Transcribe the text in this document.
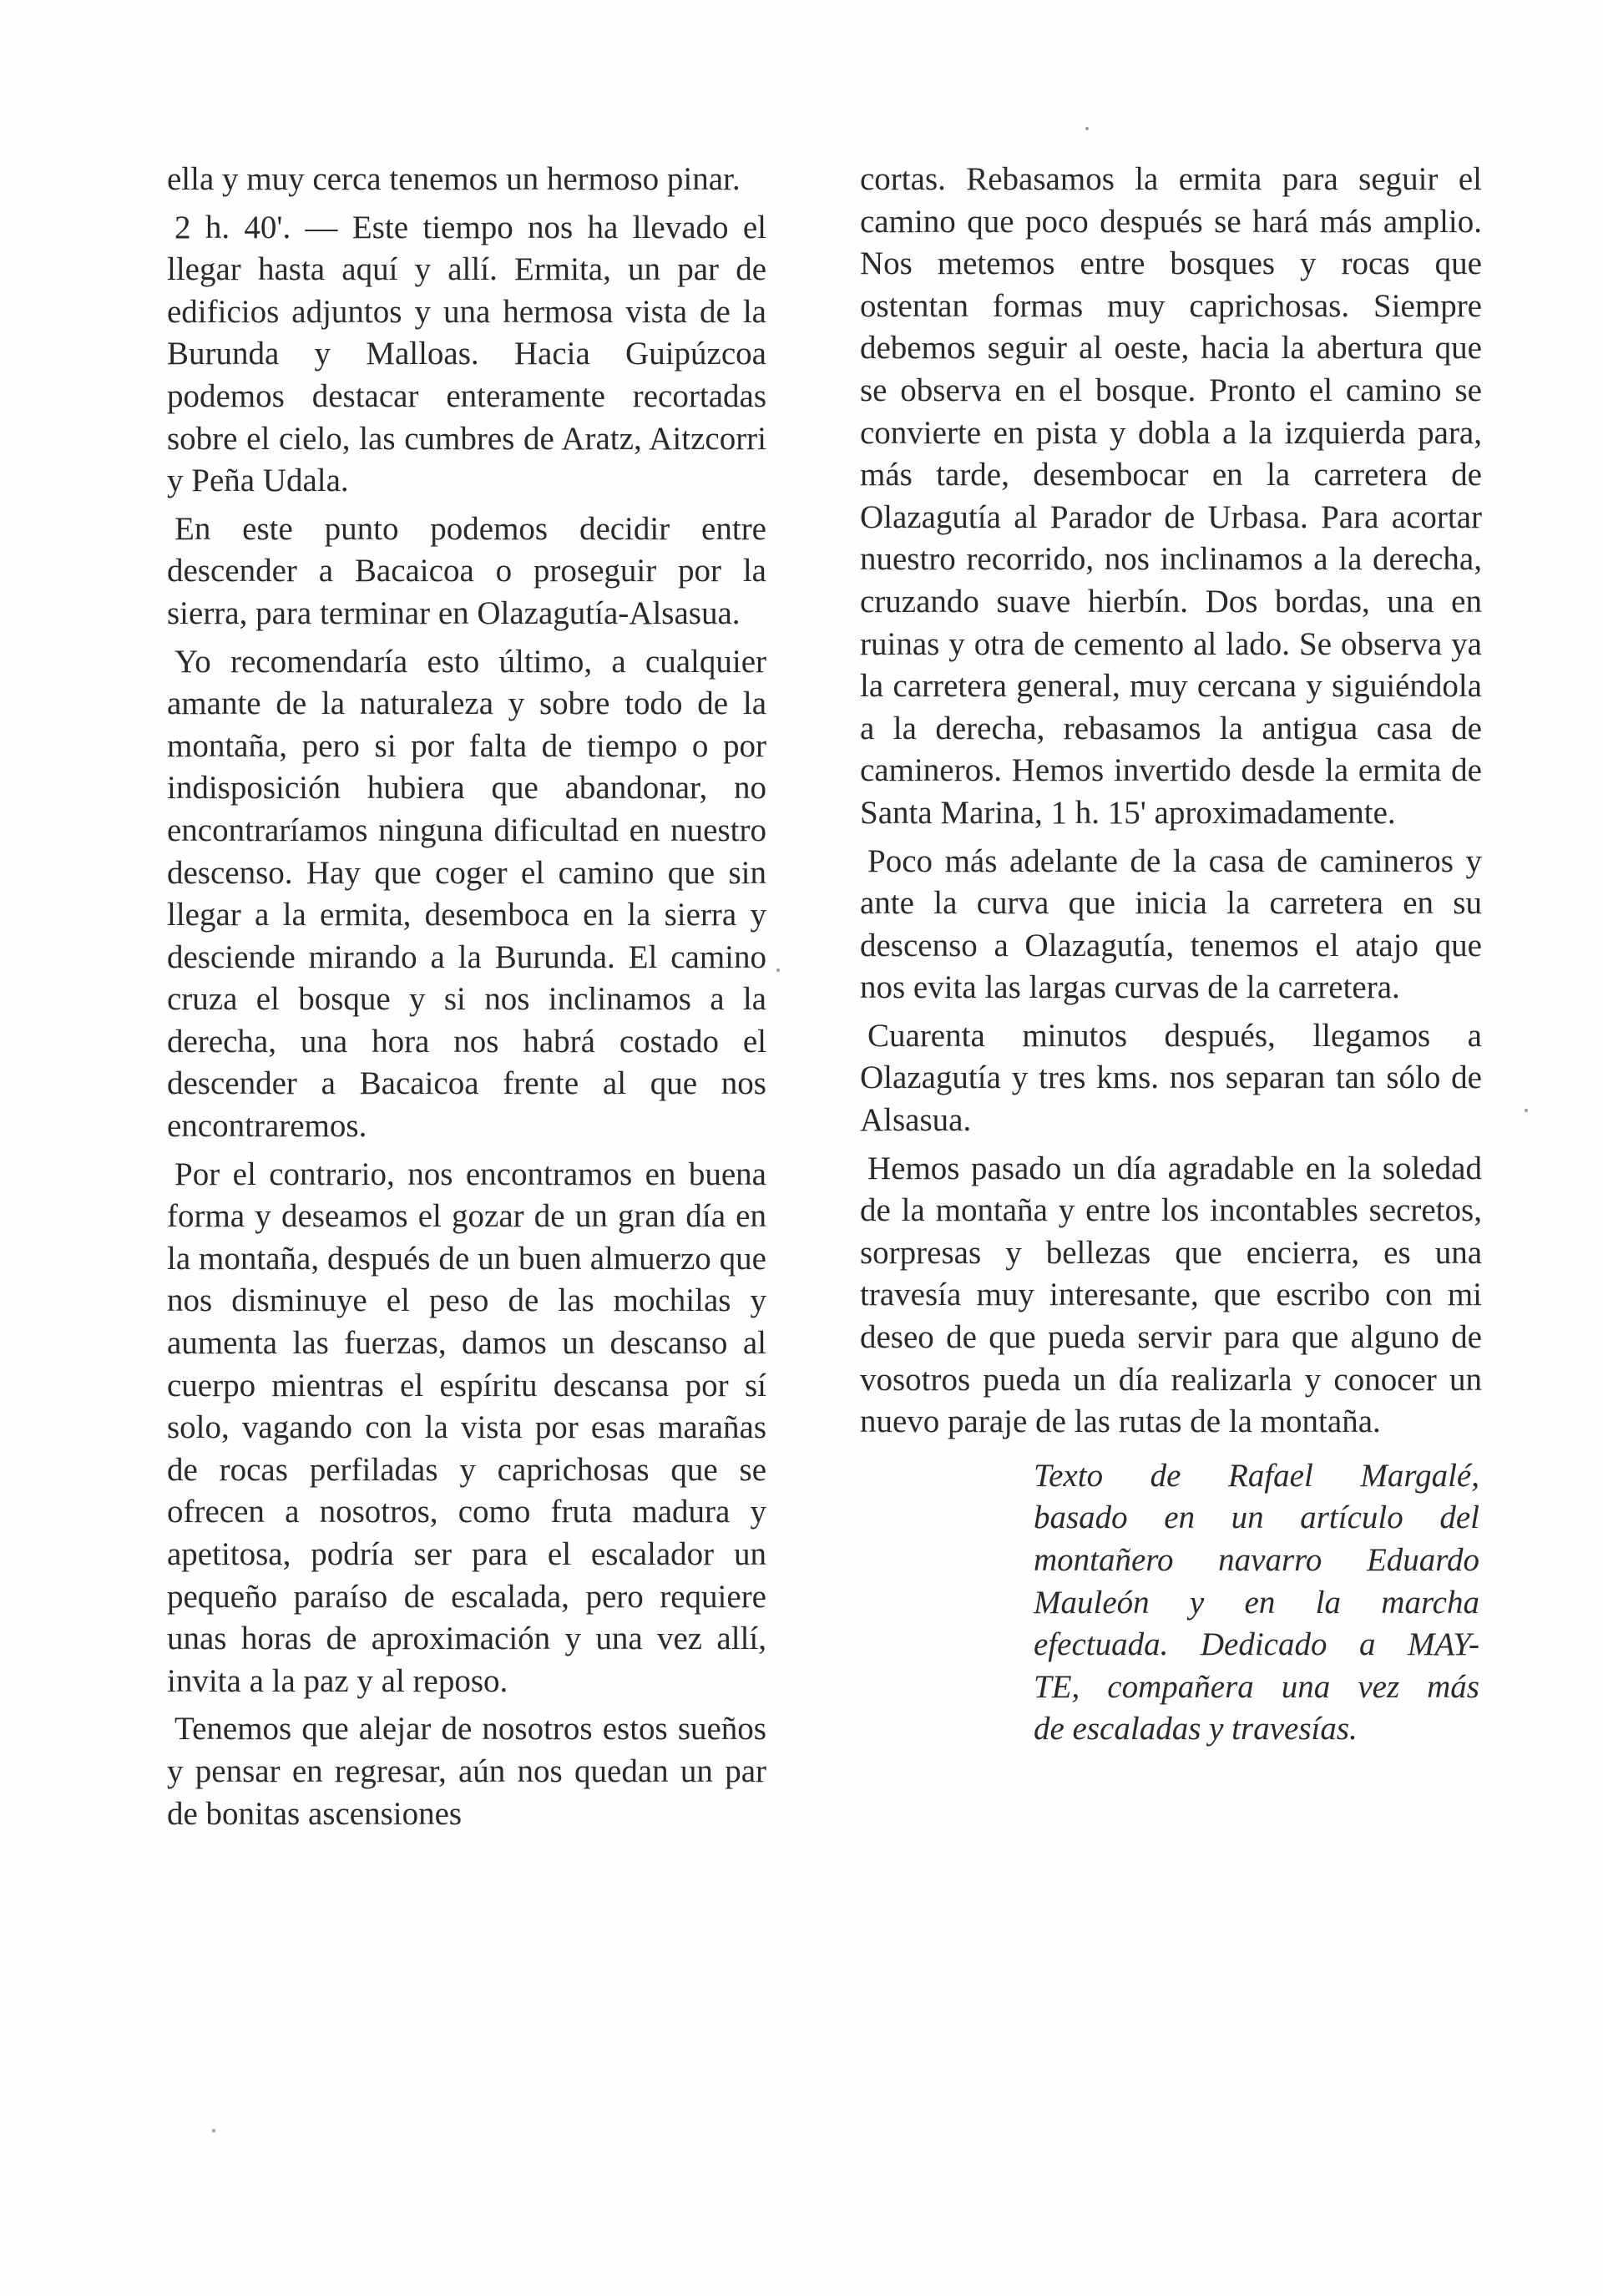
ella y muy cerca tenemos un hermoso pinar.

2 h. 40'. — Este tiempo nos ha llevado el llegar hasta aquí y allí. Ermita, un par de edificios adjuntos y una hermosa vista de la Burunda y Malloas. Hacia Guipúzcoa podemos destacar enteramente recortadas sobre el cielo, las cumbres de Aratz, Aitzcorri y Peña Udala.

En este punto podemos decidir entre descender a Bacaicoa o proseguir por la sierra, para terminar en Olazagutía-Alsasua.

Yo recomendaría esto último, a cualquier amante de la naturaleza y sobre todo de la montaña, pero si por falta de tiempo o por indisposición hubiera que abandonar, no encontraríamos ninguna dificultad en nuestro descenso. Hay que coger el camino que sin llegar a la ermita, desemboca en la sierra y desciende mirando a la Burunda. El camino cruza el bosque y si nos inclinamos a la derecha, una hora nos habrá costado el descender a Bacaicoa frente al que nos encontraremos.

Por el contrario, nos encontramos en buena forma y deseamos el gozar de un gran día en la montaña, después de un buen almuerzo que nos disminuye el peso de las mochilas y aumenta las fuerzas, damos un descanso al cuerpo mientras el espíritu descansa por sí solo, vagando con la vista por esas marañas de rocas perfiladas y caprichosas que se ofrecen a nosotros, como fruta madura y apetitosa, podría ser para el escalador un pequeño paraíso de escalada, pero requiere unas horas de aproximación y una vez allí, invita a la paz y al reposo.

Tenemos que alejar de nosotros estos sueños y pensar en regresar, aún nos quedan un par de bonitas ascensiones

cortas. Rebasamos la ermita para seguir el camino que poco después se hará más amplio. Nos metemos entre bosques y rocas que ostentan formas muy caprichosas. Siempre debemos seguir al oeste, hacia la abertura que se observa en el bosque. Pronto el camino se convierte en pista y dobla a la izquierda para, más tarde, desembocar en la carretera de Olazagutía al Parador de Urbasa. Para acortar nuestro recorrido, nos inclinamos a la derecha, cruzando suave hierbín. Dos bordas, una en ruinas y otra de cemento al lado. Se observa ya la carretera general, muy cercana y siguiéndola a la derecha, rebasamos la antigua casa de camineros. Hemos invertido desde la ermita de Santa Marina, 1 h. 15' aproximadamente.

Poco más adelante de la casa de camineros y ante la curva que inicia la carretera en su descenso a Olazagutía, tenemos el atajo que nos evita las largas curvas de la carretera.

Cuarenta minutos después, llegamos a Olazagutía y tres kms. nos separan tan sólo de Alsasua.

Hemos pasado un día agradable en la soledad de la montaña y entre los incontables secretos, sorpresas y bellezas que encierra, es una travesía muy interesante, que escribo con mi deseo de que pueda servir para que alguno de vosotros pueda un día realizarla y conocer un nuevo paraje de las rutas de la montaña.

Texto de Rafael Margalé,
basado en un artículo del
montañero navarro Eduardo
Mauleón y en la marcha
efectuada. Dedicado a MAY-
TE, compañera una vez más
de escaladas y travesías.
